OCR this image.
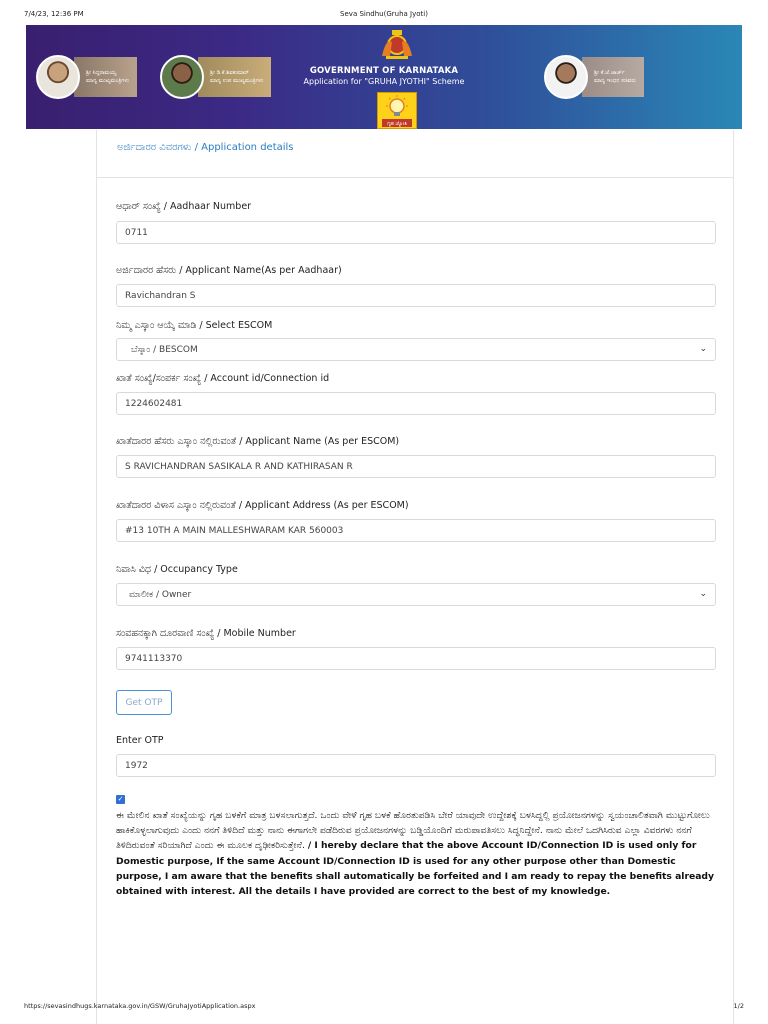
7/4/23, 12:36 PM	Seva Sindhu(Gruha Jyoti)
ಶ್ರೀ ಸಿದ್ದರಾಮಯ್ಯ
ಮಾನ್ಯ ಮುಖ್ಯಮಂತ್ರಿಗಳು
ಶ್ರೀ ಡಿ.ಕೆ.ಶಿವಕುಮಾರ್
ಮಾನ್ಯ ಉಪ ಮುಖ್ಯಮಂತ್ರಿಗಳು
GOVERNMENT OF KARNATAKA
Application for "GRUHA JYOTHI" Scheme
ಗೃಹ ಜ್ಯೋತಿ
ಶ್ರೀ ಕೆ.ಜೆ.ಜಾರ್ಜ್
ಮಾನ್ಯ ಇಂಧನ ಸಚಿವರು
ಅರ್ಜಿದಾರರ ವಿವರಗಳು / Application details
ಆಧಾರ್ ಸಂಖ್ಯೆ / Aadhaar Number
0711
ಅರ್ಜಿದಾರರ ಹೆಸರು / Applicant Name(As per Aadhaar)
Ravichandran S
ನಿಮ್ಮ ಎಸ್ಕಾಂ ಆಯ್ಕೆ ಮಾಡಿ / Select ESCOM
ಬೆಸ್ಕಾಂ / BESCOM	⌄
ಖಾತೆ ಸಂಖ್ಯೆ/ಸಂಪರ್ಕ ಸಂಖ್ಯೆ / Account id/Connection id
1224602481
ಖಾತೆದಾರರ ಹೆಸರು ಎಸ್ಕಾಂ ನಲ್ಲಿರುವಂತೆ / Applicant Name (As per ESCOM)
S RAVICHANDRAN SASIKALA R AND KATHIRASAN R
ಖಾತೆದಾರರ ವಿಳಾಸ ಎಸ್ಕಾಂ ನಲ್ಲಿರುವಂತೆ / Applicant Address (As per ESCOM)
#13 10TH A MAIN MALLESHWARAM KAR 560003
ನಿವಾಸಿ ವಿಧ / Occupancy Type
ಮಾಲೀಕ / Owner	⌄
ಸಂವಹನಕ್ಕಾಗಿ ದೂರವಾಣಿ ಸಂಖ್ಯೆ / Mobile Number
9741113370
Get OTP
Enter OTP
1972
✓
ಈ ಮೇಲಿನ ಖಾತೆ ಸಂಖ್ಯೆಯನ್ನು ಗೃಹ ಬಳಕೆಗೆ ಮಾತ್ರ ಬಳಸಲಾಗುತ್ತದೆ. ಒಂದು ವೇಳೆ ಗೃಹ ಬಳಕೆ ಹೊರತುಪಡಿಸಿ ಬೇರೆ ಯಾವುದೇ ಉದ್ದೇಶಕ್ಕೆ ಬಳಸಿದ್ದಲ್ಲಿ ಪ್ರಯೋಜನಗಳನ್ನು ಸ್ವಯಂಚಾಲಿತವಾಗಿ ಮುಟ್ಟುಗೋಲು ಹಾಕಿಕೊಳ್ಳಲಾಗುವುದು ಎಂದು ನನಗೆ ತಿಳಿದಿದೆ ಮತ್ತು ನಾನು ಈಗಾಗಲೇ ಪಡೆದಿರುವ ಪ್ರಯೋಜನಗಳನ್ನು ಬಡ್ಡಿಯೊಂದಿಗೆ ಮರುಪಾವತಿಸಲು ಸಿದ್ಧನಿದ್ದೇನೆ. ನಾನು ಮೇಲೆ ಒದಗಿಸಿರುವ ಎಲ್ಲಾ ವಿವರಗಳು ನನಗೆ ತಿಳಿದಿರುವಂತೆ ಸರಿಯಾಗಿದೆ ಎಂದು ಈ ಮೂಲಕ ದೃಢೀಕರಿಸುತ್ತೇನೆ. / I hereby declare that the above Account ID/Connection ID is used only for Domestic purpose, If the same Account ID/Connection ID is used for any other purpose other than Domestic purpose, I am aware that the benefits shall automatically be forfeited and I am ready to repay the benefits already obtained with interest. All the details I have provided are correct to the best of my knowledge.
https://sevasindhugs.karnataka.gov.in/GSW/GruhaJyotiApplication.aspx	1/2
